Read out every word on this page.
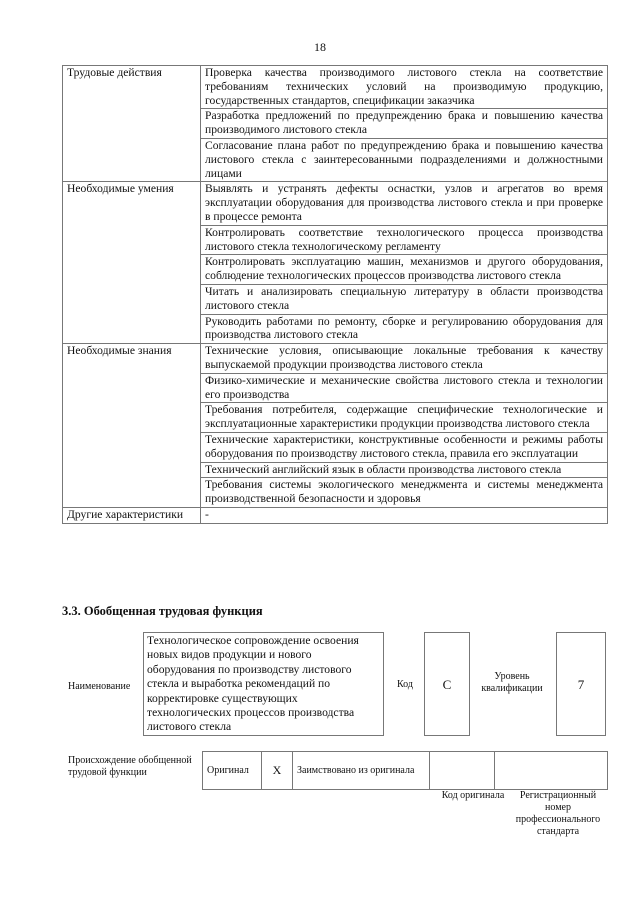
18
Трудовые действия	Проверка качества производимого листового стекла на соответствие требованиям технических условий на производимую продукцию, государственных стандартов, спецификации заказчика
	Разработка предложений по предупреждению брака и повышению качества производимого листового стекла
	Согласование плана работ по предупреждению брака и повышению качества листового стекла с заинтересованными подразделениями и должностными лицами
Необходимые умения	Выявлять и устранять дефекты оснастки, узлов и агрегатов во время эксплуатации оборудования для производства листового стекла и при проверке в процессе ремонта
	Контролировать соответствие технологического процесса производства листового стекла технологическому регламенту
	Контролировать эксплуатацию машин, механизмов и другого оборудования, соблюдение технологических процессов производства листового стекла
	Читать и анализировать специальную литературу в области производства листового стекла
	Руководить работами по ремонту, сборке и регулированию оборудования для производства листового стекла
Необходимые знания	Технические условия, описывающие локальные требования к качеству выпускаемой продукции производства листового стекла
	Физико-химические и механические свойства листового стекла и технологии его производства
	Требования потребителя, содержащие специфические технологические и эксплуатационные характеристики продукции производства листового стекла
	Технические характеристики, конструктивные особенности и режимы работы оборудования по производству листового стекла, правила его эксплуатации
	Технический английский язык в области производства листового стекла
	Требования системы экологического менеджмента и системы менеджмента производственной безопасности и здоровья
Другие характеристики	-
3.3. Обобщенная трудовая функция
Наименование
Технологическое сопровождение освоения новых видов продукции и нового оборудования по производству листового стекла и выработка рекомендаций по корректировке существующих технологических процессов производства листового стекла
Код	C
Уровень квалификации	7
Происхождение обобщенной трудовой функции	Оригинал	X	Заимствовано из оригинала		
Код оригинала	Регистрационный номер профессионального стандарта
